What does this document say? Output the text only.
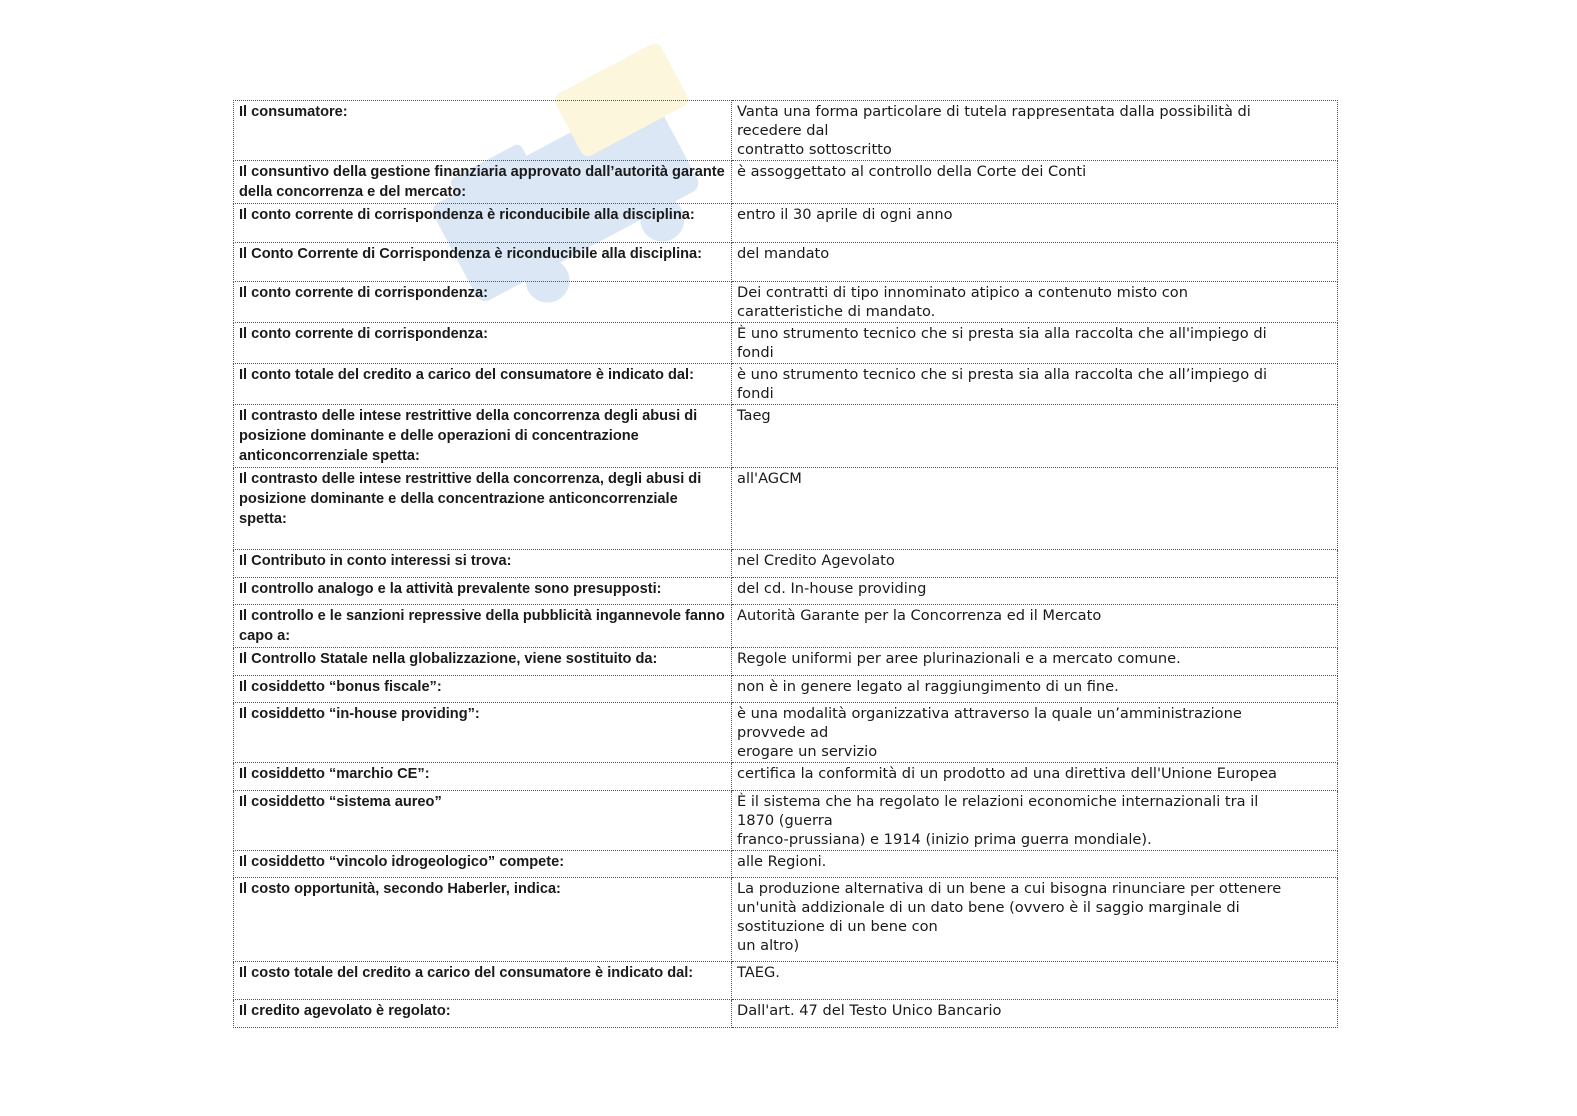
Il consumatore:	Vanta una forma particolare di tutela rappresentata dalla possibilità di
recedere dal
contratto sottoscritto
Il consuntivo della gestione finanziaria approvato dall’autorità garante della concorrenza e del mercato:	è assoggettato al controllo della Corte dei Conti
Il conto corrente di corrispondenza è riconducibile alla disciplina:	entro il 30 aprile di ogni anno
Il Conto Corrente di Corrispondenza è riconducibile alla disciplina:	del mandato
Il conto corrente di corrispondenza:	Dei contratti di tipo innominato atipico a contenuto misto con
caratteristiche di mandato.
Il conto corrente di corrispondenza:	È uno strumento tecnico che si presta sia alla raccolta che all'impiego di
fondi
Il conto totale del credito a carico del consumatore è indicato dal:	è uno strumento tecnico che si presta sia alla raccolta che all’impiego di
fondi
Il contrasto delle intese restrittive della concorrenza degli abusi di posizione dominante e delle operazioni di concentrazione anticoncorrenziale spetta:	Taeg
Il contrasto delle intese restrittive della concorrenza, degli abusi di posizione dominante e della concentrazione anticoncorrenziale
spetta:	all'AGCM
Il Contributo in conto interessi si trova:	nel Credito Agevolato
Il controllo analogo e la attività prevalente sono presupposti:	del cd. In-house providing
Il controllo e le sanzioni repressive della pubblicità ingannevole fanno capo a:	Autorità Garante per la Concorrenza ed il Mercato
Il Controllo Statale nella globalizzazione, viene sostituito da:	Regole uniformi per aree plurinazionali e a mercato comune.
Il cosiddetto “bonus fiscale”:	non è in genere legato al raggiungimento di un fine.
Il cosiddetto “in-house providing”:	è una modalità organizzativa attraverso la quale un’amministrazione
provvede ad
erogare un servizio
Il cosiddetto “marchio CE”:	certifica la conformità di un prodotto ad una direttiva dell'Unione Europea
Il cosiddetto “sistema aureo”	È il sistema che ha regolato le relazioni economiche internazionali tra il
1870 (guerra
franco-prussiana) e 1914 (inizio prima guerra mondiale).
Il cosiddetto “vincolo idrogeologico” compete:	alle Regioni.
Il costo opportunità, secondo Haberler, indica:	La produzione alternativa di un bene a cui bisogna rinunciare per ottenere
un'unità addizionale di un dato bene (ovvero è il saggio marginale di
sostituzione di un bene con
un altro)
Il costo totale del credito a carico del consumatore è indicato dal:	TAEG.
Il credito agevolato è regolato:	Dall'art. 47 del Testo Unico Bancario
